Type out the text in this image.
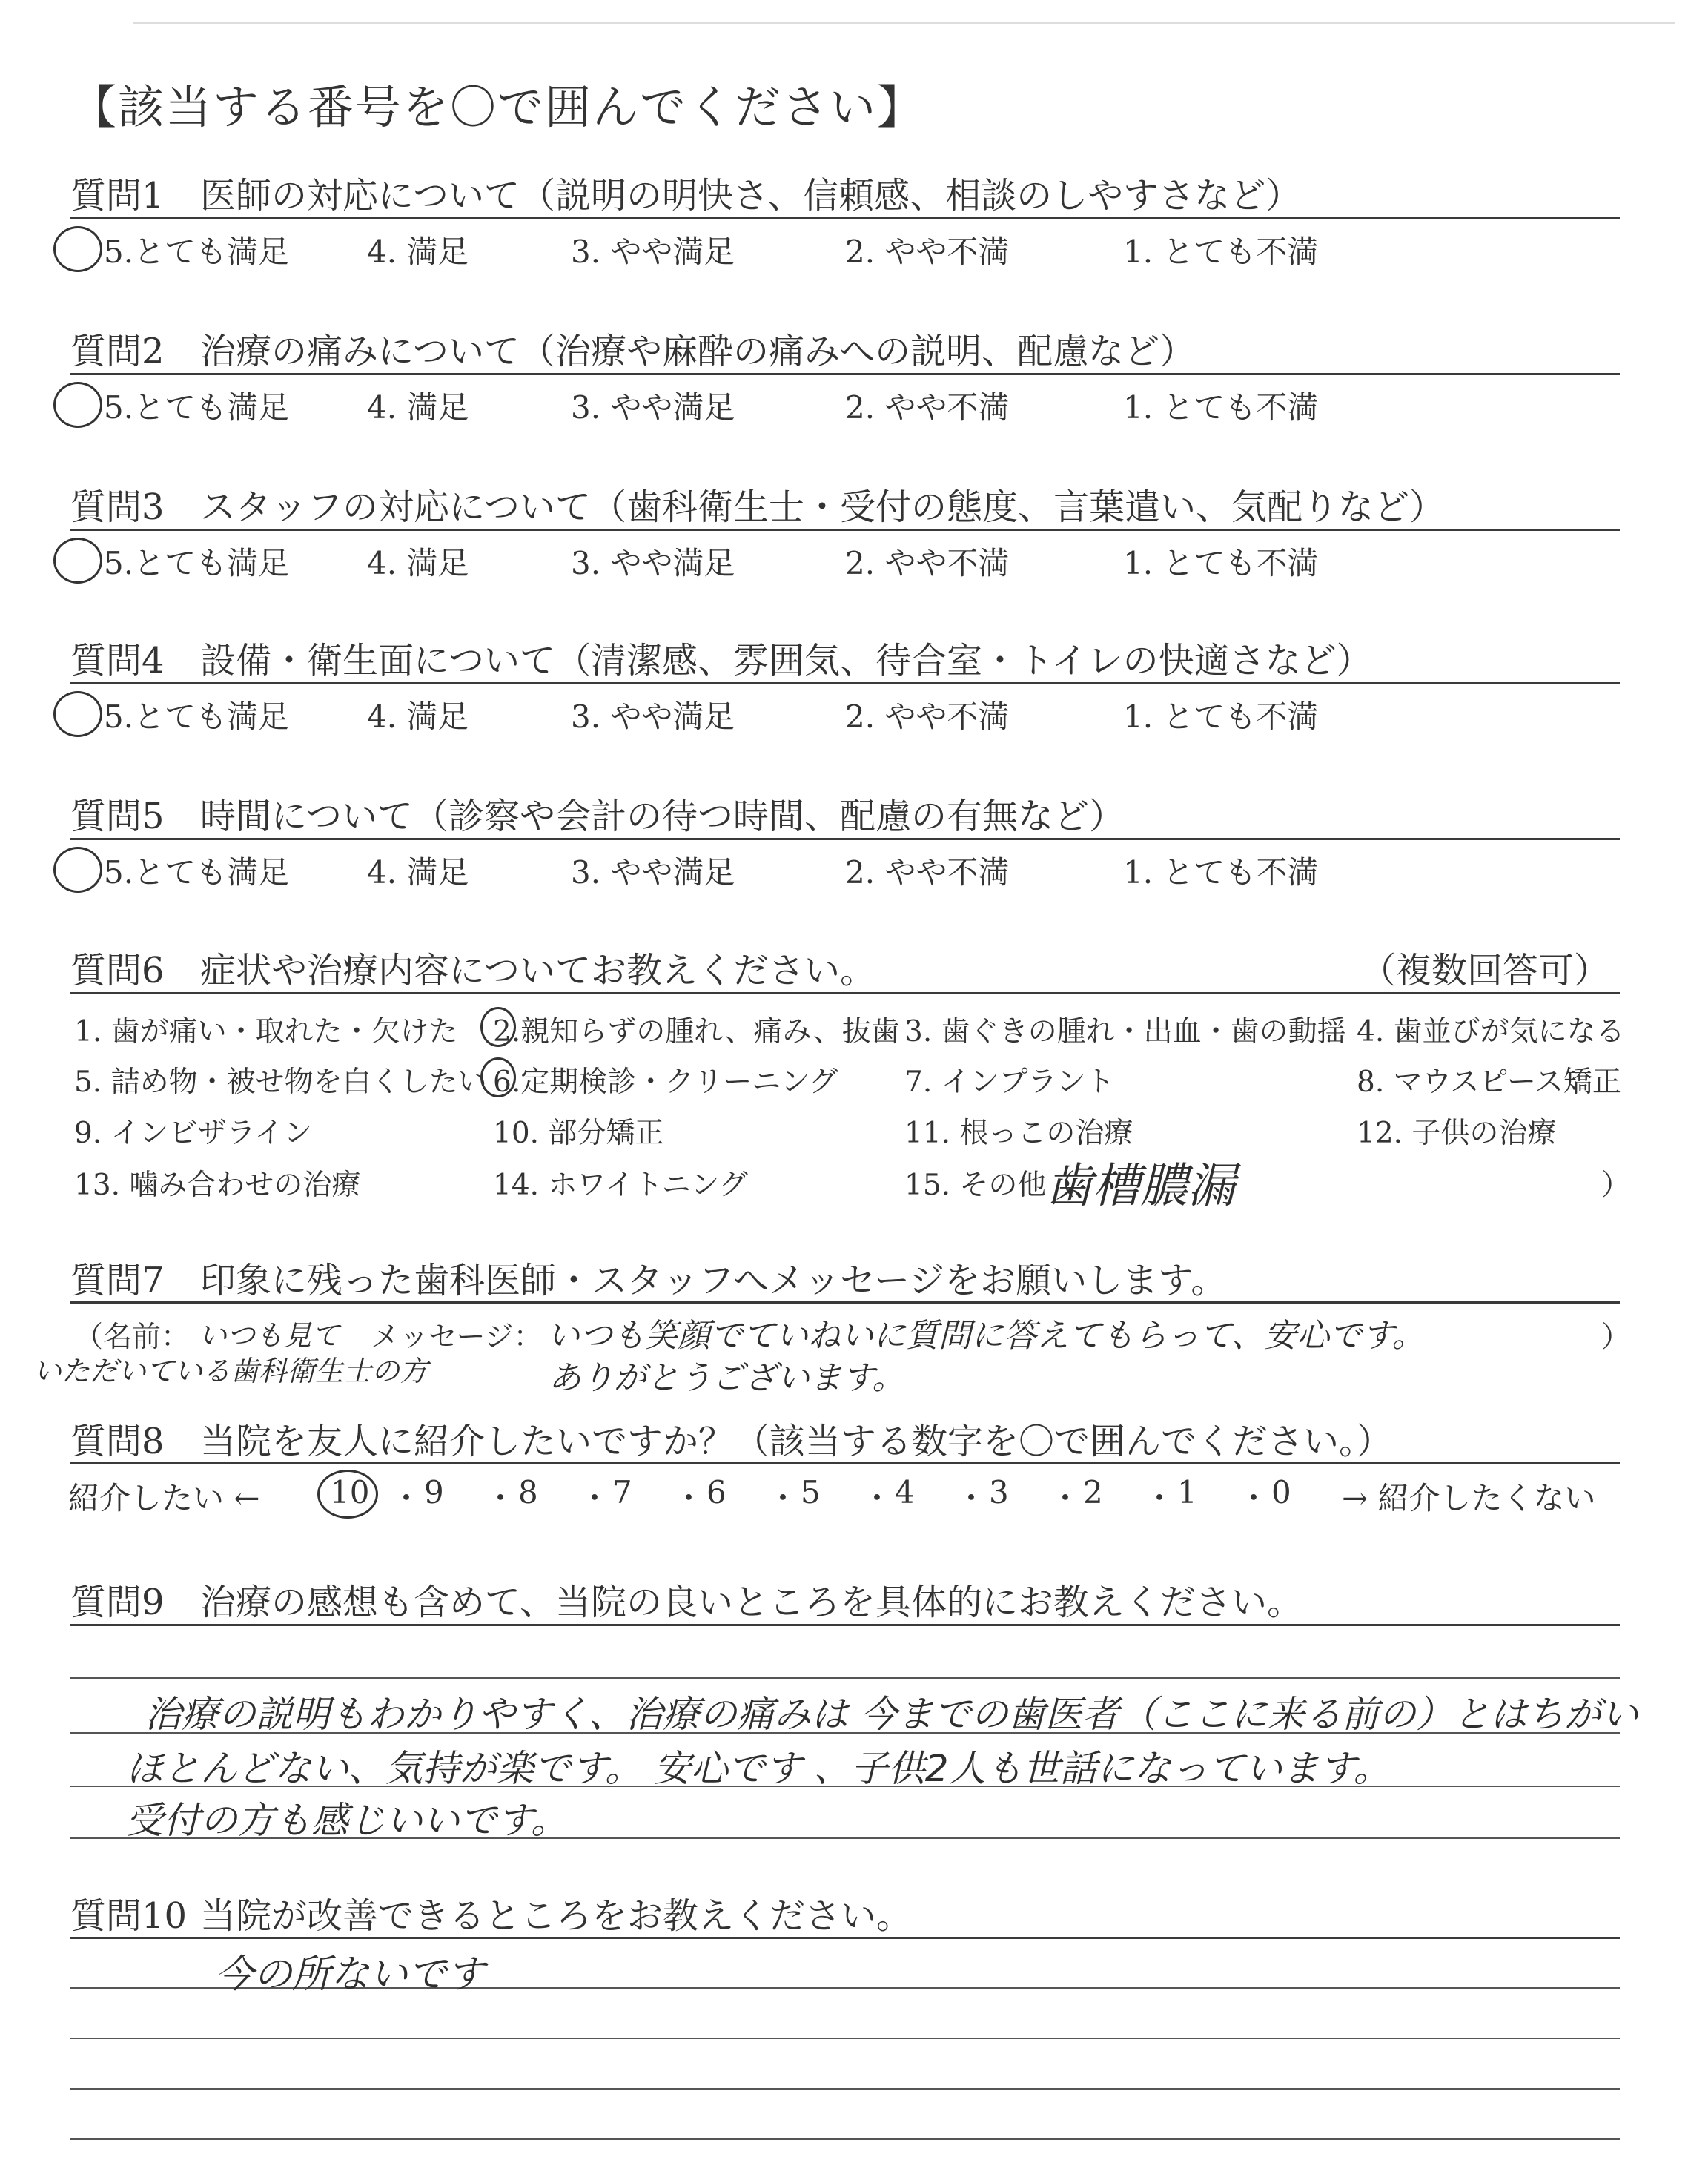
【該当する番号を〇で囲んでください】
質問6 症状や治療内容についてお教えください。	（複数回答可）
1. 歯が痛い・取れた・欠けた 2.親知らずの腫れ、痛み、抜歯 3. 歯ぐきの腫れ・出血・歯の動揺 4. 歯並びが気になる
5. 詰め物・被せ物を白くしたい 6.定期検診・クリーニング 7. インプラント	8. マウスピース矯正
9. インビザライン	10. 部分矯正	11. 根っこの治療	12. 子供の治療
13. 噛み合わせの治療	14. ホワイトニング	15. その他（
歯槽膿漏	）
質問7 印象に残った歯科医師・スタッフへメッセージをお願いします。
（名前： いつも見て
いただいている歯科衛生士の方
メッセージ： いつも笑顔でていねいに質問に答えてもらって、安心です。
ありがとうございます。
）
質問8 当院を友人に紹介したいですか？（該当する数字を〇で囲んでください。）
紹介したい ←	→ 紹介したくない
質問9 治療の感想も含めて、当院の良いところを具体的にお教えください。
治療の説明もわかりやすく、治療の痛みは 今までの歯医者（ここに来る前の）とはちがい
ほとんどない、気持が楽です。 安心です 、子供2人も世話になっています。
受付の方も感じいいです。
質問10 当院が改善できるところをお教えください。
今の所ないです
質問1 医師の対応について（説明の明快さ、信頼感、相談のしやすさなど）
5.とても満足 4. 満足	3. やや満足	2. やや不満	1. とても不満
質問2 治療の痛みについて（治療や麻酔の痛みへの説明、配慮など）
5.とても満足 4. 満足	3. やや満足	2. やや不満	1. とても不満
質問3 スタッフの対応について（歯科衛生士・受付の態度、言葉遣い、気配りなど）
5.とても満足 4. 満足	3. やや満足	2. やや不満	1. とても不満
質問4 設備・衛生面について（清潔感、雰囲気、待合室・トイレの快適さなど）
5.とても満足 4. 満足	3. やや満足	2. やや不満	1. とても不満
質問5 時間について（診察や会計の待つ時間、配慮の有無など）
5.とても満足 4. 満足	3. やや満足	2. やや不満	1. とても不満
10 ・ 9 ・ 8 ・ 7 ・ 6 ・ 5 ・ 4 ・ 3 ・ 2 ・ 1 ・ 0
